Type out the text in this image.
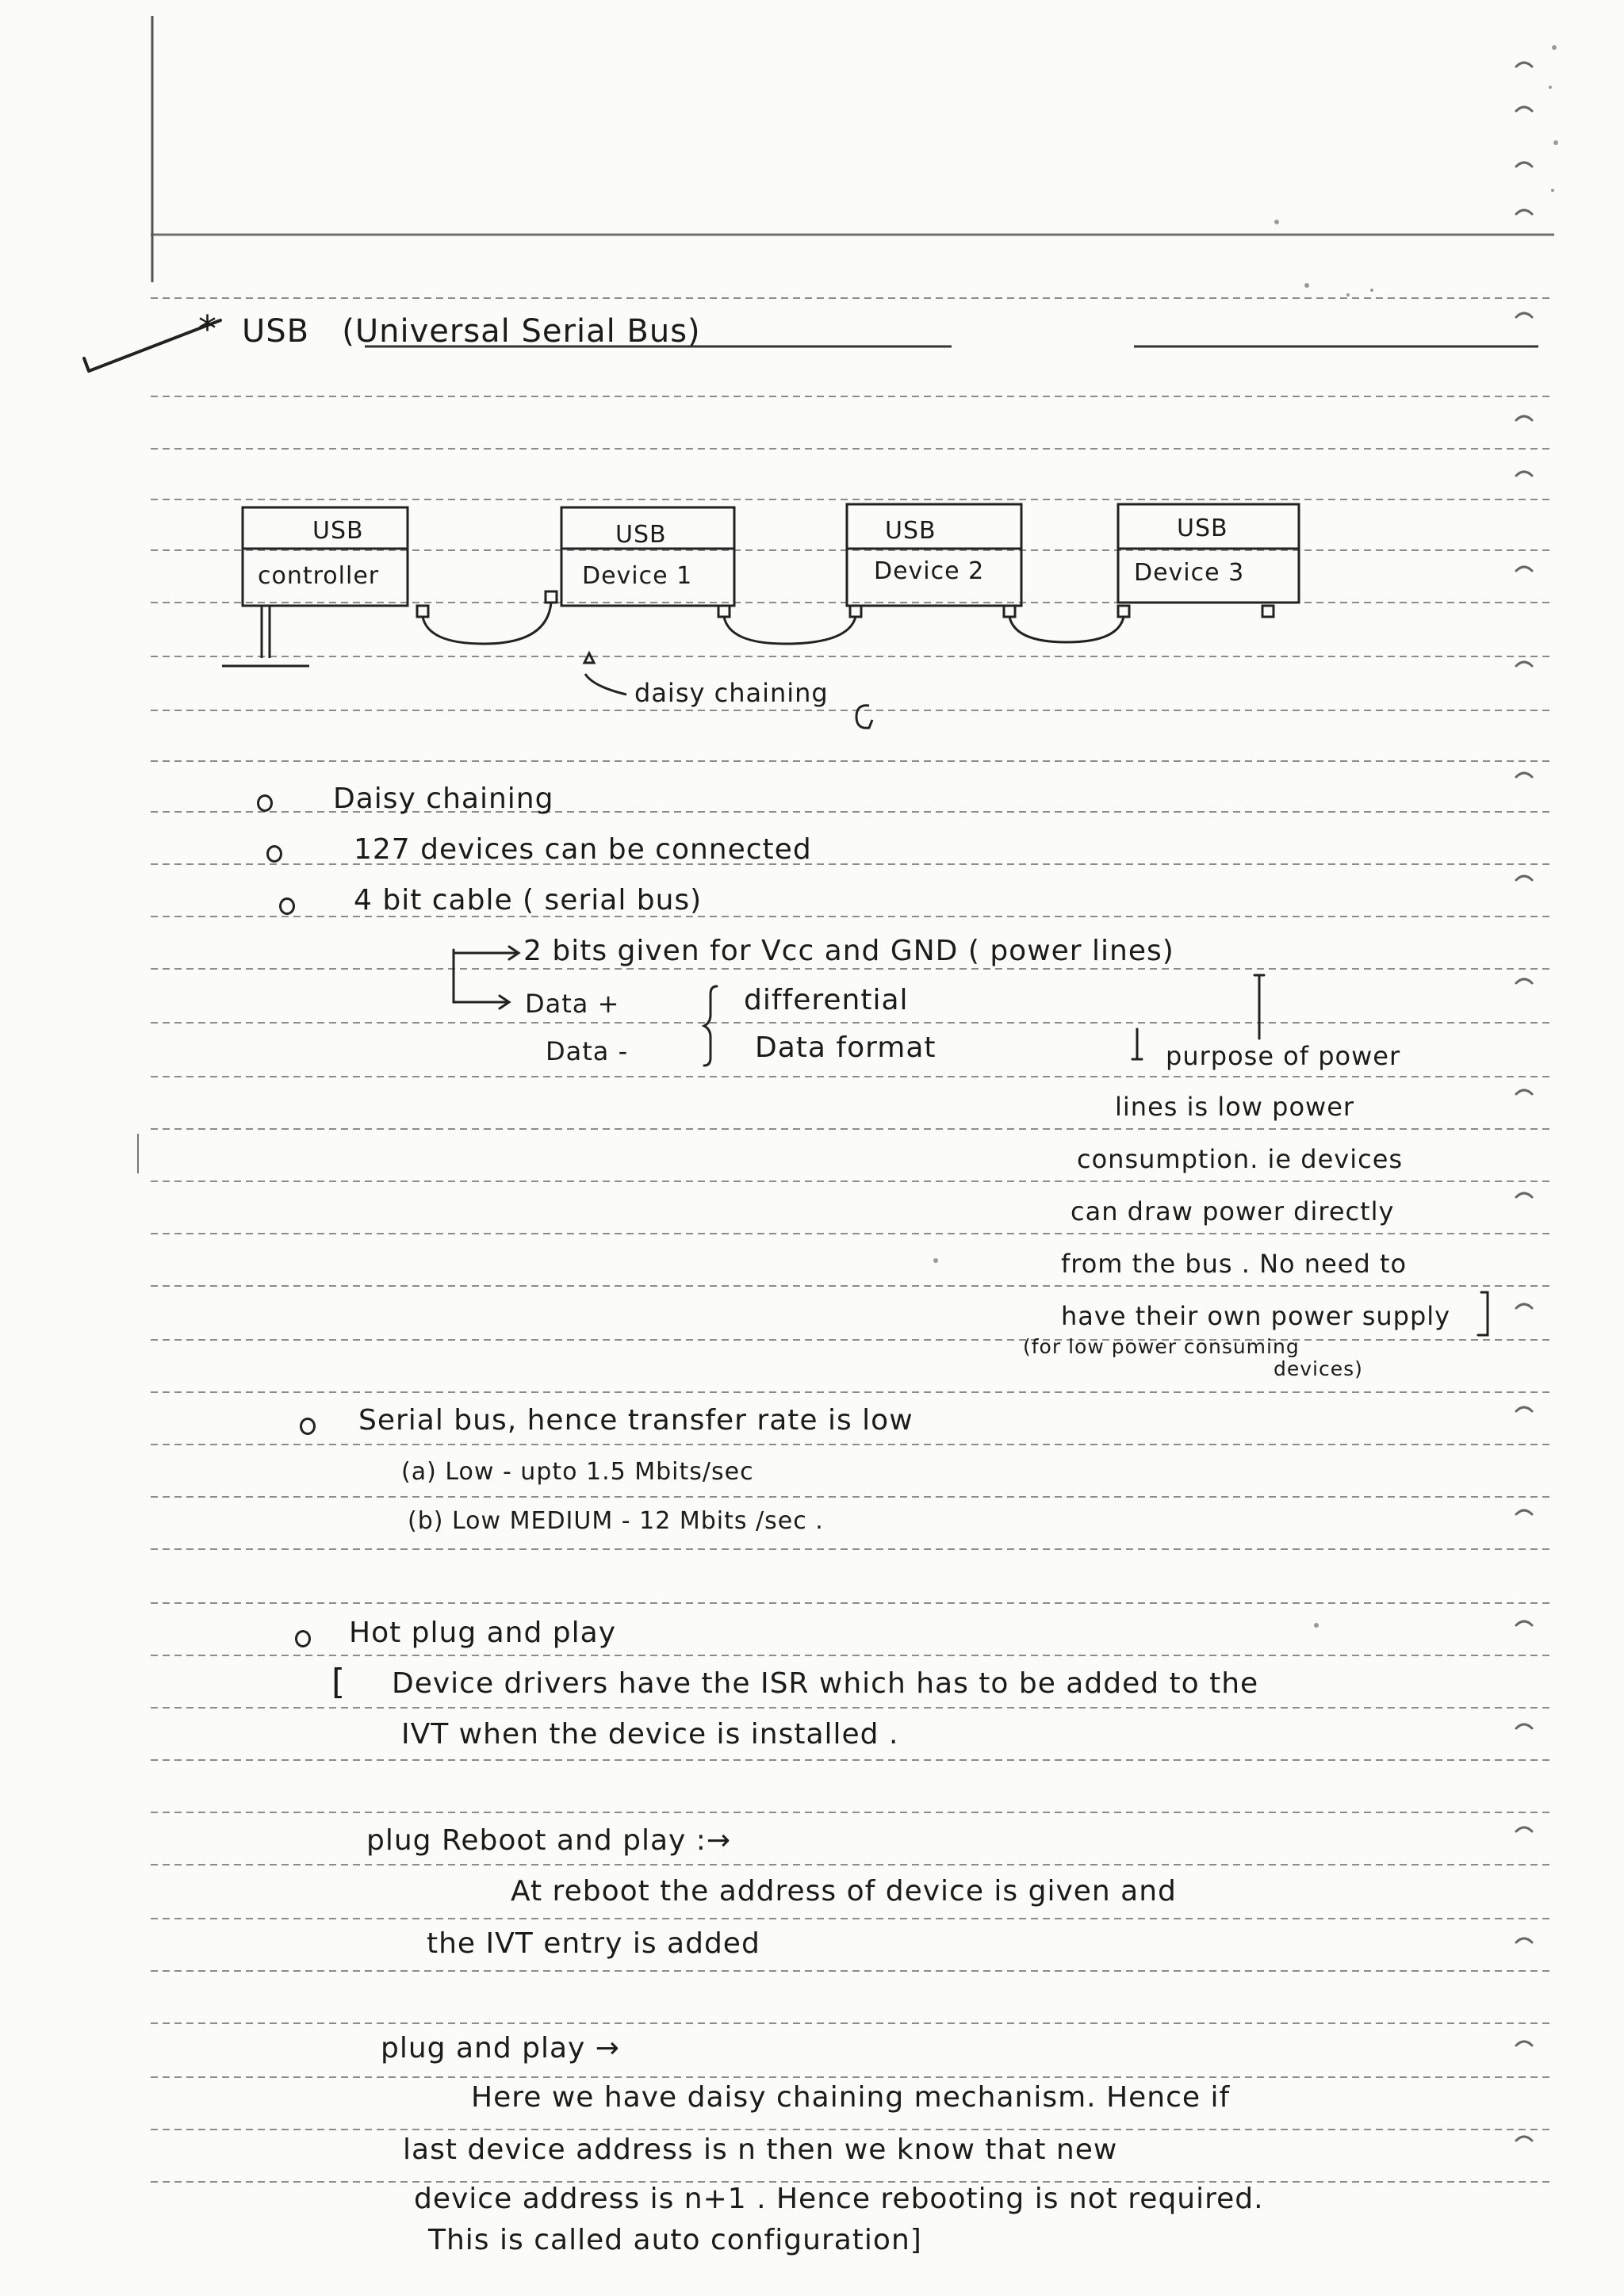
* USB   (Universal Serial Bus)
USB
controller
USB
Device 1
USB
Device 2
USB
Device 3
daisy chaining
Daisy chaining
127 devices can be connected
4 bit cable ( serial bus)
2 bits given for Vcc and GND ( power lines)
Data +
Data -
differential
Data format	purpose of power
lines is low power
consumption. ie devices
can draw power directly
from the bus . No need to
have their own power supply
(for low power consuming
devices)
Serial bus, hence transfer rate is low
(a) Low - upto 1.5 Mbits/sec
(b) Low MEDIUM - 12 Mbits /sec .
Hot plug and play
[ Device drivers have the ISR which has to be added to the
IVT when the device is installed .
plug Reboot and play :→
At reboot the address of device is given and
the IVT entry is added
plug and play →
Here we have daisy chaining mechanism. Hence if
last device address is n then we know that new
device address is n+1 . Hence rebooting is not required.
This is called auto configuration]
